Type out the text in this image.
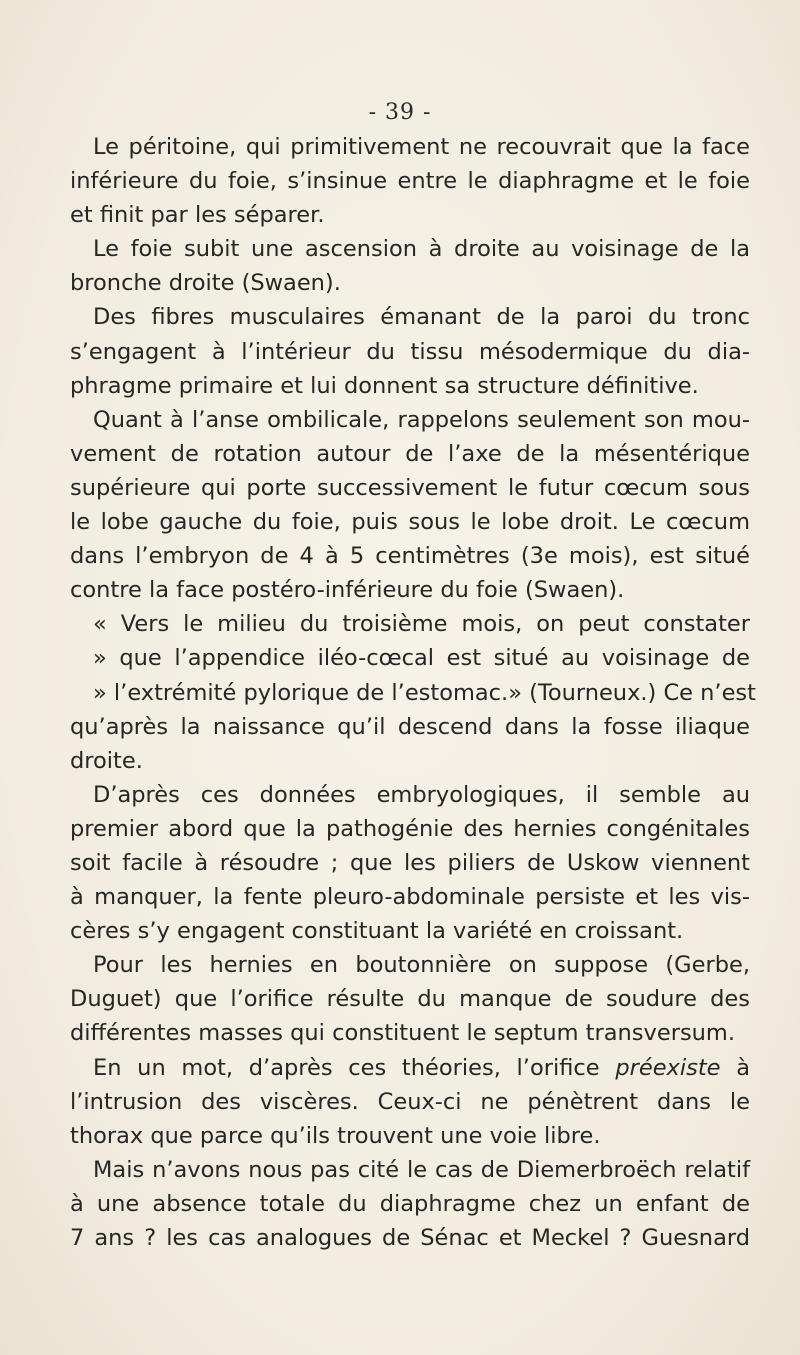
- 39 -
Le péritoine, qui primitivement ne recouvrait que la face
inférieure du foie, s’insinue entre le diaphragme et le foie
et finit par les séparer.
Le foie subit une ascension à droite au voisinage de la
bronche droite (Swaen).
Des fibres musculaires émanant de la paroi du tronc
s’engagent à l’intérieur du tissu mésodermique du dia-
phragme primaire et lui donnent sa structure définitive.
Quant à l’anse ombilicale, rappelons seulement son mou-
vement de rotation autour de l’axe de la mésentérique
supérieure qui porte successivement le futur cœcum sous
le lobe gauche du foie, puis sous le lobe droit. Le cœcum
dans l’embryon de 4 à 5 centimètres (3e mois), est situé
contre la face postéro-inférieure du foie (Swaen).
« Vers le milieu du troisième mois, on peut constater
» que l’appendice iléo-cœcal est situé au voisinage de
» l’extrémité pylorique de l’estomac.» (Tourneux.) Ce n’est
qu’après la naissance qu’il descend dans la fosse iliaque
droite.
D’après ces données embryologiques, il semble au
premier abord que la pathogénie des hernies congénitales
soit facile à résoudre ; que les piliers de Uskow viennent
à manquer, la fente pleuro-abdominale persiste et les vis-
cères s’y engagent constituant la variété en croissant.
Pour les hernies en boutonnière on suppose (Gerbe,
Duguet) que l’orifice résulte du manque de soudure des
différentes masses qui constituent le septum transversum.
En un mot, d’après ces théories, l’orifice préexiste à
l’intrusion des viscères. Ceux-ci ne pénètrent dans le
thorax que parce qu’ils trouvent une voie libre.
Mais n’avons nous pas cité le cas de Diemerbroëch relatif
à une absence totale du diaphragme chez un enfant de
7 ans ? les cas analogues de Sénac et Meckel ? Guesnard
